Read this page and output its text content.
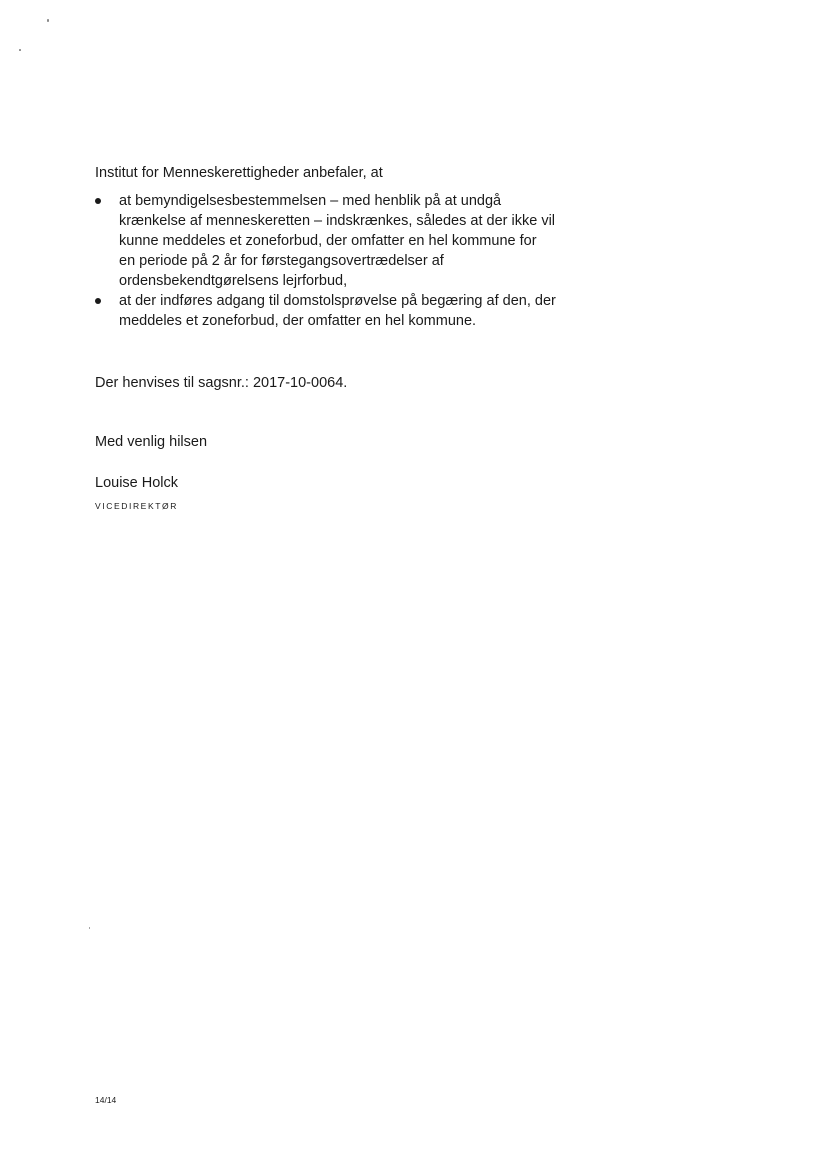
Institut for Menneskerettigheder anbefaler, at
at bemyndigelsesbestemmelsen – med henblik på at undgå
krænkelse af menneskeretten – indskrænkes, således at der ikke vil
kunne meddeles et zoneforbud, der omfatter en hel kommune for
en periode på 2 år for førstegangsovertrædelser af
ordensbekendtgørelsens lejrforbud,
at der indføres adgang til domstolsprøvelse på begæring af den, der
meddeles et zoneforbud, der omfatter en hel kommune.
Der henvises til sagsnr.: 2017-10-0064.
Med venlig hilsen
Louise Holck
VICEDIREKTØR
14/14
